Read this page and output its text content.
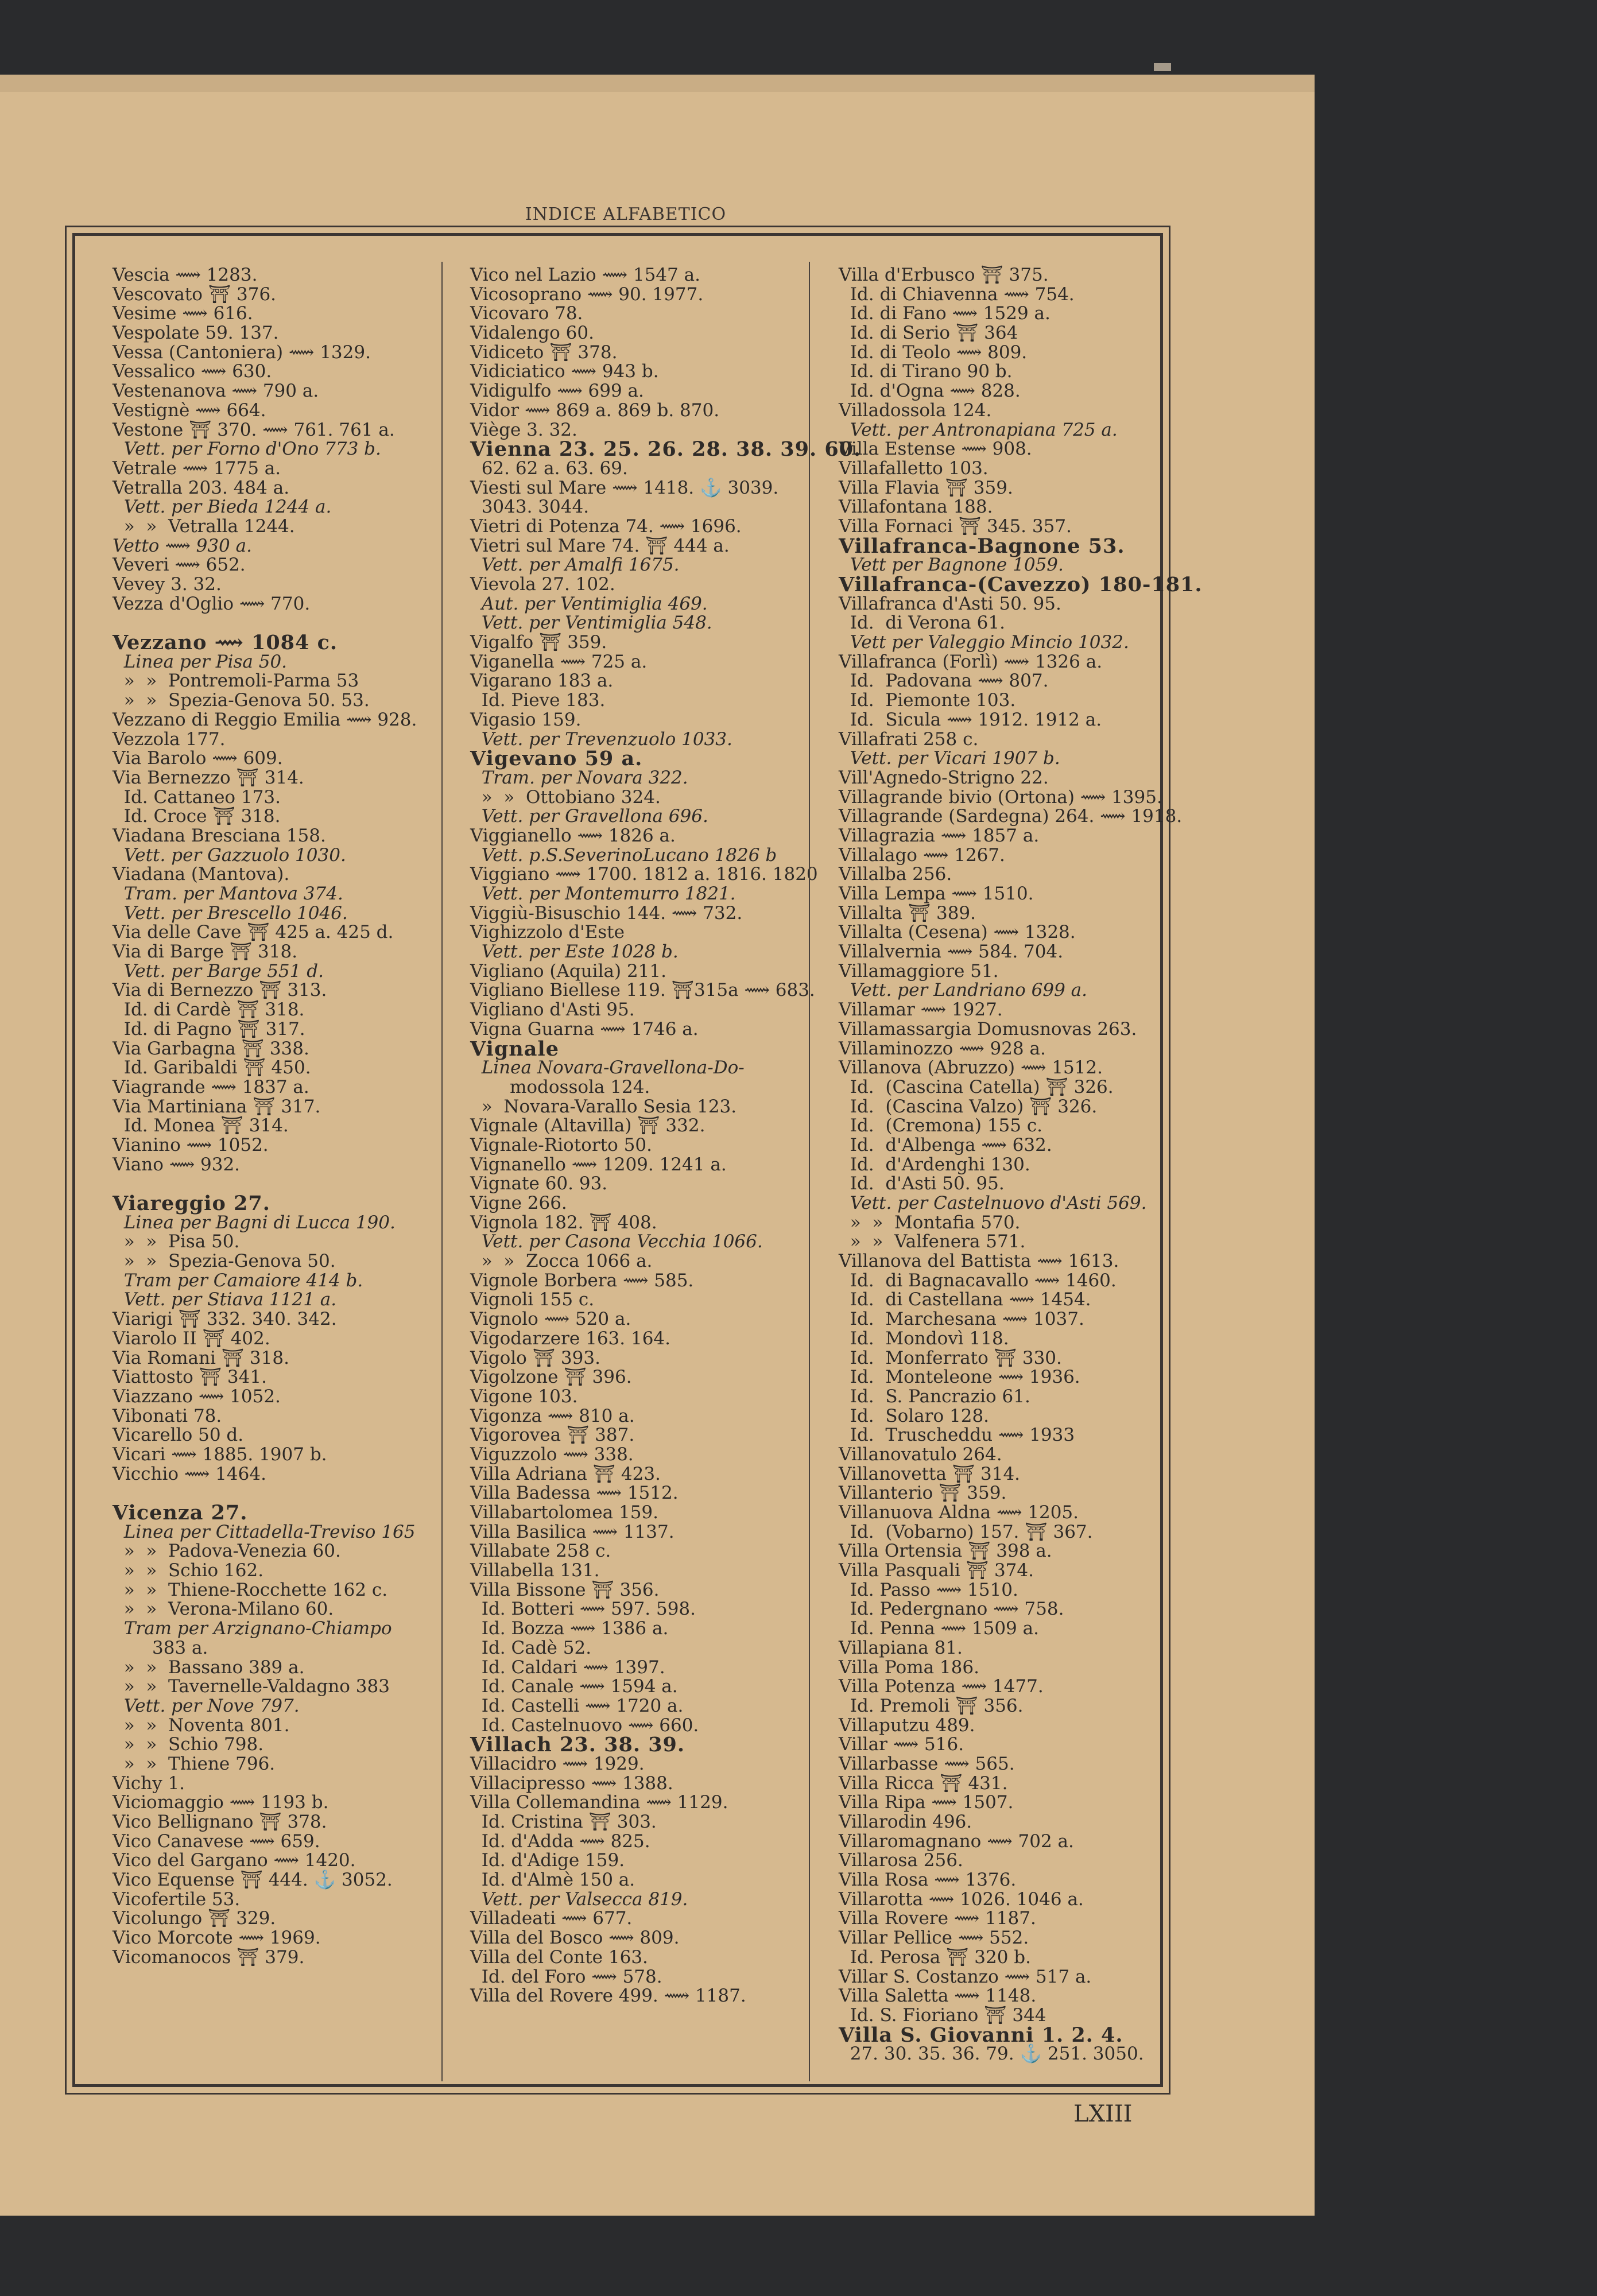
INDICE ALFABETICO
Vescia ⟿ 1283.
Vescovato ⛩ 376.
Vesime ⟿ 616.
Vespolate 59. 137.
Vessa (Cantoniera) ⟿ 1329.
Vessalico ⟿ 630.
Vestenanova ⟿ 790 a.
Vestignè ⟿ 664.
Vestone ⛩ 370. ⟿ 761. 761 a.
Vett. per Forno d'Ono 773 b.
Vetrale ⟿ 1775 a.
Vetralla 203. 484 a.
Vett. per Bieda 1244 a.
»  »  Vetralla 1244.
Vetto ⟿ 930 a.
Veveri ⟿ 652.
Vevey 3. 32.
Vezza d'Oglio ⟿ 770.
Vezzano ⟿ 1084 c.
Linea per Pisa 50.
»  »  Pontremoli-Parma 53
»  »  Spezia-Genova 50. 53.
Vezzano di Reggio Emilia ⟿ 928.
Vezzola 177.
Via Barolo ⟿ 609.
Via Bernezzo ⛩ 314.
Id. Cattaneo 173.
Id. Croce ⛩ 318.
Viadana Bresciana 158.
Vett. per Gazzuolo 1030.
Viadana (Mantova).
Tram. per Mantova 374.
Vett. per Brescello 1046.
Via delle Cave ⛩ 425 a. 425 d.
Via di Barge ⛩ 318.
Vett. per Barge 551 d.
Via di Bernezzo ⛩ 313.
Id. di Cardè ⛩ 318.
Id. di Pagno ⛩ 317.
Via Garbagna ⛩ 338.
Id. Garibaldi ⛩ 450.
Viagrande ⟿ 1837 a.
Via Martiniana ⛩ 317.
Id. Monea ⛩ 314.
Vianino ⟿ 1052.
Viano ⟿ 932.
Viareggio 27.
Linea per Bagni di Lucca 190.
»  »  Pisa 50.
»  »  Spezia-Genova 50.
Tram per Camaiore 414 b.
Vett. per Stiava 1121 a.
Viarigi ⛩ 332. 340. 342.
Viarolo II ⛩ 402.
Via Romani ⛩ 318.
Viattosto ⛩ 341.
Viazzano ⟿ 1052.
Vibonati 78.
Vicarello 50 d.
Vicari ⟿ 1885. 1907 b.
Vicchio ⟿ 1464.
Vicenza 27.
Linea per Cittadella-Treviso 165
»  »  Padova-Venezia 60.
»  »  Schio 162.
»  »  Thiene-Rocchette 162 c.
»  »  Verona-Milano 60.
Tram per Arzignano-Chiampo
383 a.
»  »  Bassano 389 a.
»  »  Tavernelle-Valdagno 383
Vett. per Nove 797.
»  »  Noventa 801.
»  »  Schio 798.
»  »  Thiene 796.
Vichy 1.
Viciomaggio ⟿ 1193 b.
Vico Bellignano ⛩ 378.
Vico Canavese ⟿ 659.
Vico del Gargano ⟿ 1420.
Vico Equense ⛩ 444. ⚓ 3052.
Vicofertile 53.
Vicolungo ⛩ 329.
Vico Morcote ⟿ 1969.
Vicomanocos ⛩ 379.
Vico nel Lazio ⟿ 1547 a.
Vicosoprano ⟿ 90. 1977.
Vicovaro 78.
Vidalengo 60.
Vidiceto ⛩ 378.
Vidiciatico ⟿ 943 b.
Vidigulfo ⟿ 699 a.
Vidor ⟿ 869 a. 869 b. 870.
Viège 3. 32.
Vienna 23. 25. 26. 28. 38. 39. 60.
62. 62 a. 63. 69.
Viesti sul Mare ⟿ 1418. ⚓ 3039.
3043. 3044.
Vietri di Potenza 74. ⟿ 1696.
Vietri sul Mare 74. ⛩ 444 a.
Vett. per Amalfi 1675.
Vievola 27. 102.
Aut. per Ventimiglia 469.
Vett. per Ventimiglia 548.
Vigalfo ⛩ 359.
Viganella ⟿ 725 a.
Vigarano 183 a.
Id. Pieve 183.
Vigasio 159.
Vett. per Trevenzuolo 1033.
Vigevano 59 a.
Tram. per Novara 322.
»  »  Ottobiano 324.
Vett. per Gravellona 696.
Viggianello ⟿ 1826 a.
Vett. p.S.SeverinoLucano 1826 b
Viggiano ⟿ 1700. 1812 a. 1816. 1820
Vett. per Montemurro 1821.
Viggiù-Bisuschio 144. ⟿ 732.
Vighizzolo d'Este
Vett. per Este 1028 b.
Vigliano (Aquila) 211.
Vigliano Biellese 119. ⛩315a ⟿ 683.
Vigliano d'Asti 95.
Vigna Guarna ⟿ 1746 a.
Vignale
Linea Novara-Gravellona-Do-
modossola 124.
»  Novara-Varallo Sesia 123.
Vignale (Altavilla) ⛩ 332.
Vignale-Riotorto 50.
Vignanello ⟿ 1209. 1241 a.
Vignate 60. 93.
Vigne 266.
Vignola 182. ⛩ 408.
Vett. per Casona Vecchia 1066.
»  »  Zocca 1066 a.
Vignole Borbera ⟿ 585.
Vignoli 155 c.
Vignolo ⟿ 520 a.
Vigodarzere 163. 164.
Vigolo ⛩ 393.
Vigolzone ⛩ 396.
Vigone 103.
Vigonza ⟿ 810 a.
Vigorovea ⛩ 387.
Viguzzolo ⟿ 338.
Villa Adriana ⛩ 423.
Villa Badessa ⟿ 1512.
Villabartolomea 159.
Villa Basilica ⟿ 1137.
Villabate 258 c.
Villabella 131.
Villa Bissone ⛩ 356.
Id. Botteri ⟿ 597. 598.
Id. Bozza ⟿ 1386 a.
Id. Cadè 52.
Id. Caldari ⟿ 1397.
Id. Canale ⟿ 1594 a.
Id. Castelli ⟿ 1720 a.
Id. Castelnuovo ⟿ 660.
Villach 23. 38. 39.
Villacidro ⟿ 1929.
Villacipresso ⟿ 1388.
Villa Collemandina ⟿ 1129.
Id. Cristina ⛩ 303.
Id. d'Adda ⟿ 825.
Id. d'Adige 159.
Id. d'Almè 150 a.
Vett. per Valsecca 819.
Villadeati ⟿ 677.
Villa del Bosco ⟿ 809.
Villa del Conte 163.
Id. del Foro ⟿ 578.
Villa del Rovere 499. ⟿ 1187.
Villa d'Erbusco ⛩ 375.
Id. di Chiavenna ⟿ 754.
Id. di Fano ⟿ 1529 a.
Id. di Serio ⛩ 364
Id. di Teolo ⟿ 809.
Id. di Tirano 90 b.
Id. d'Ogna ⟿ 828.
Villadossola 124.
Vett. per Antronapiana 725 a.
Villa Estense ⟿ 908.
Villafalletto 103.
Villa Flavia ⛩ 359.
Villafontana 188.
Villa Fornaci ⛩ 345. 357.
Villafranca-Bagnone 53.
Vett per Bagnone 1059.
Villafranca-(Cavezzo) 180-181.
Villafranca d'Asti 50. 95.
Id.  di Verona 61.
Vett per Valeggio Mincio 1032.
Villafranca (Forlì) ⟿ 1326 a.
Id.  Padovana ⟿ 807.
Id.  Piemonte 103.
Id.  Sicula ⟿ 1912. 1912 a.
Villafrati 258 c.
Vett. per Vicari 1907 b.
Vill'Agnedo-Strigno 22.
Villagrande bivio (Ortona) ⟿ 1395.
Villagrande (Sardegna) 264. ⟿ 1918.
Villagrazia ⟿ 1857 a.
Villalago ⟿ 1267.
Villalba 256.
Villa Lempa ⟿ 1510.
Villalta ⛩ 389.
Villalta (Cesena) ⟿ 1328.
Villalvernia ⟿ 584. 704.
Villamaggiore 51.
Vett. per Landriano 699 a.
Villamar ⟿ 1927.
Villamassargia Domusnovas 263.
Villaminozzo ⟿ 928 a.
Villanova (Abruzzo) ⟿ 1512.
Id.  (Cascina Catella) ⛩ 326.
Id.  (Cascina Valzo) ⛩ 326.
Id.  (Cremona) 155 c.
Id.  d'Albenga ⟿ 632.
Id.  d'Ardenghi 130.
Id.  d'Asti 50. 95.
Vett. per Castelnuovo d'Asti 569.
»  »  Montafia 570.
»  »  Valfenera 571.
Villanova del Battista ⟿ 1613.
Id.  di Bagnacavallo ⟿ 1460.
Id.  di Castellana ⟿ 1454.
Id.  Marchesana ⟿ 1037.
Id.  Mondovì 118.
Id.  Monferrato ⛩ 330.
Id.  Monteleone ⟿ 1936.
Id.  S. Pancrazio 61.
Id.  Solaro 128.
Id.  Truscheddu ⟿ 1933
Villanovatulo 264.
Villanovetta ⛩ 314.
Villanterio ⛩ 359.
Villanuova Aldna ⟿ 1205.
Id.  (Vobarno) 157. ⛩ 367.
Villa Ortensia ⛩ 398 a.
Villa Pasquali ⛩ 374.
Id. Passo ⟿ 1510.
Id. Pedergnano ⟿ 758.
Id. Penna ⟿ 1509 a.
Villapiana 81.
Villa Poma 186.
Villa Potenza ⟿ 1477.
Id. Premoli ⛩ 356.
Villaputzu 489.
Villar ⟿ 516.
Villarbasse ⟿ 565.
Villa Ricca ⛩ 431.
Villa Ripa ⟿ 1507.
Villarodin 496.
Villaromagnano ⟿ 702 a.
Villarosa 256.
Villa Rosa ⟿ 1376.
Villarotta ⟿ 1026. 1046 a.
Villa Rovere ⟿ 1187.
Villar Pellice ⟿ 552.
Id. Perosa ⛩ 320 b.
Villar S. Costanzo ⟿ 517 a.
Villa Saletta ⟿ 1148.
Id. S. Fioriano ⛩ 344
Villa S. Giovanni 1. 2. 4.
27. 30. 35. 36. 79. ⚓ 251. 3050.
LXIII
